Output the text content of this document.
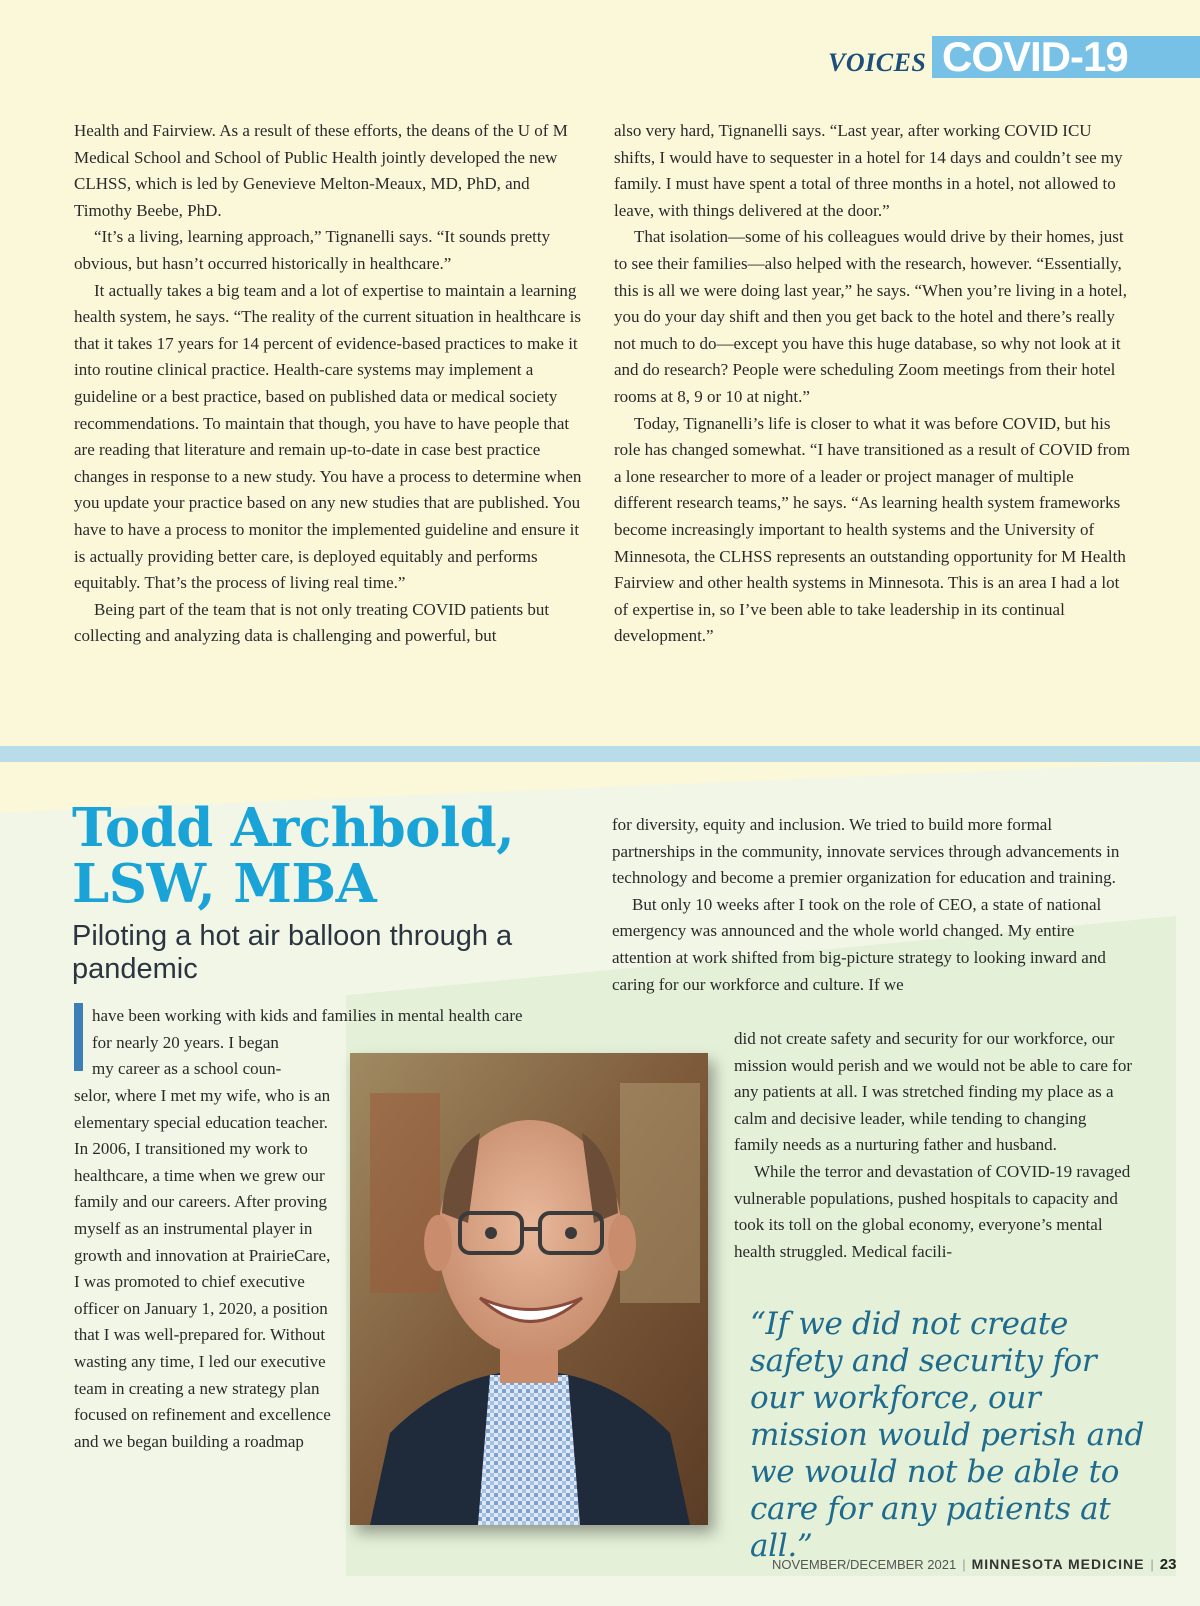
VOICES COVID-19

Health and Fairview. As a result of these efforts, the deans of the U of M Medical School and School of Public Health jointly developed the new CLHSS, which is led by Genevieve Melton-Meaux, MD, PhD, and Timothy Beebe, PhD.

“It’s a living, learning approach,” Tignanelli says. “It sounds pretty obvious, but hasn’t occurred historically in healthcare.”

It actually takes a big team and a lot of expertise to maintain a learning health system, he says. “The reality of the current situation in healthcare is that it takes 17 years for 14 percent of evidence-based practices to make it into routine clinical practice. Health-care systems may implement a guideline or a best practice, based on published data or medical society recommendations. To maintain that though, you have to have people that are reading that literature and remain up-to-date in case best practice changes in response to a new study. You have a process to determine when you update your practice based on any new studies that are published. You have to have a process to monitor the implemented guideline and ensure it is actually providing better care, is deployed equitably and performs equitably. That’s the process of living real time.”

Being part of the team that is not only treating COVID patients but collecting and analyzing data is challenging and powerful, but

also very hard, Tignanelli says. “Last year, after working COVID ICU shifts, I would have to sequester in a hotel for 14 days and couldn’t see my family. I must have spent a total of three months in a hotel, not allowed to leave, with things delivered at the door.”

That isolation—some of his colleagues would drive by their homes, just to see their families—also helped with the research, however. “Essentially, this is all we were doing last year,” he says. “When you’re living in a hotel, you do your day shift and then you get back to the hotel and there’s really not much to do—except you have this huge database, so why not look at it and do research? People were scheduling Zoom meetings from their hotel rooms at 8, 9 or 10 at night.”

Today, Tignanelli’s life is closer to what it was before COVID, but his role has changed somewhat. “I have transitioned as a result of COVID from a lone researcher to more of a leader or project manager of multiple different research teams,” he says. “As learning health system frameworks become increasingly important to health systems and the University of Minnesota, the CLHSS represents an outstanding opportunity for M Health Fairview and other health systems in Minnesota. This is an area I had a lot of expertise in, so I’ve been able to take leadership in its continual development.”

Todd Archbold,
LSW, MBA
Piloting a hot air balloon through a pandemic
have been working with kids and families in mental health care
for nearly 20 years. I began
my career as a school coun-
selor, where I met my wife, who is an elementary special education teacher. In 2006, I transitioned my work to healthcare, a time when we grew our family and our careers. After proving myself as an instrumental player in growth and innovation at PrairieCare, I was promoted to chief executive officer on January 1, 2020, a position that I was well-prepared for. Without wasting any time, I led our executive team in creating a new strategy plan focused on refinement and excellence and we began building a roadmap

for diversity, equity and inclusion. We tried to build more formal partnerships in the community, innovate services through advancements in technology and become a premier organization for education and training.

But only 10 weeks after I took on the role of CEO, a state of national emergency was announced and the whole world changed. My entire attention at work shifted from big-picture strategy to looking inward and caring for our workforce and culture. If we

did not create safety and security for our workforce, our mission would perish and we would not be able to care for any patients at all. I was stretched finding my place as a calm and decisive leader, while tending to changing family needs as a nurturing father and husband.

While the terror and devastation of COVID-19 ravaged vulnerable populations, pushed hospitals to capacity and took its toll on the global economy, everyone’s mental health struggled. Medical facili-

“If we did not create safety and security for our workforce, our mission would perish and we would not be able to care for any patients at all.”
NOVEMBER/DECEMBER 2021 | MINNESOTA MEDICINE | 23
